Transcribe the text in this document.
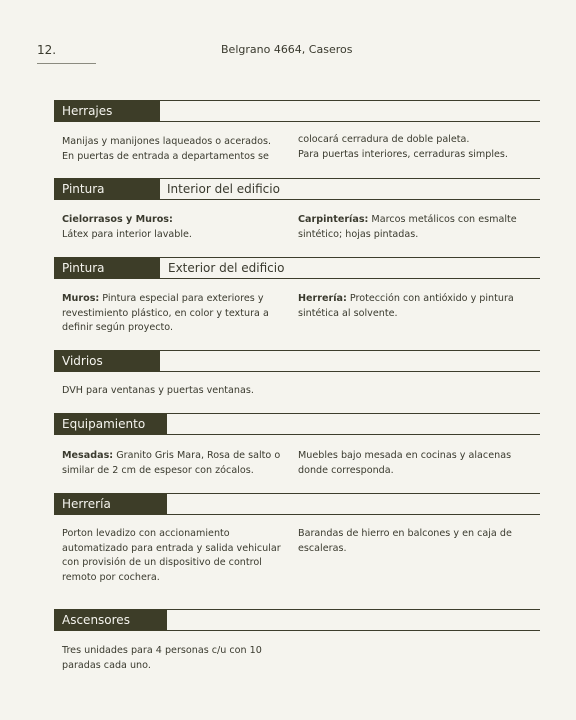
12.	Belgrano 4664, Caseros
Herrajes
Manijas y manijones laqueados o acerados.
En puertas de entrada a departamentos se
colocará cerradura de doble paleta.
Para puertas interiores, cerraduras simples.
Pintura	Interior del edificio
Cielorrasos y Muros:
Látex para interior lavable.
Carpinterías: Marcos metálicos con esmalte
sintético; hojas pintadas.
Pintura	Exterior del edificio
Muros: Pintura especial para exteriores y
revestimiento plástico, en color y textura a
definir según proyecto.
Herrería: Protección con antióxido y pintura
sintética al solvente.
Vidrios
DVH para ventanas y puertas ventanas.
Equipamiento
Mesadas: Granito Gris Mara, Rosa de salto o
similar de 2 cm de espesor con zócalos.
Muebles bajo mesada en cocinas y alacenas
donde corresponda.
Herrería
Porton levadizo con accionamiento
automatizado para entrada y salida vehicular
con provisión de un dispositivo de control
remoto por cochera.
Barandas de hierro en balcones y en caja de
escaleras.
Ascensores
Tres unidades para 4 personas c/u con 10
paradas cada uno.
